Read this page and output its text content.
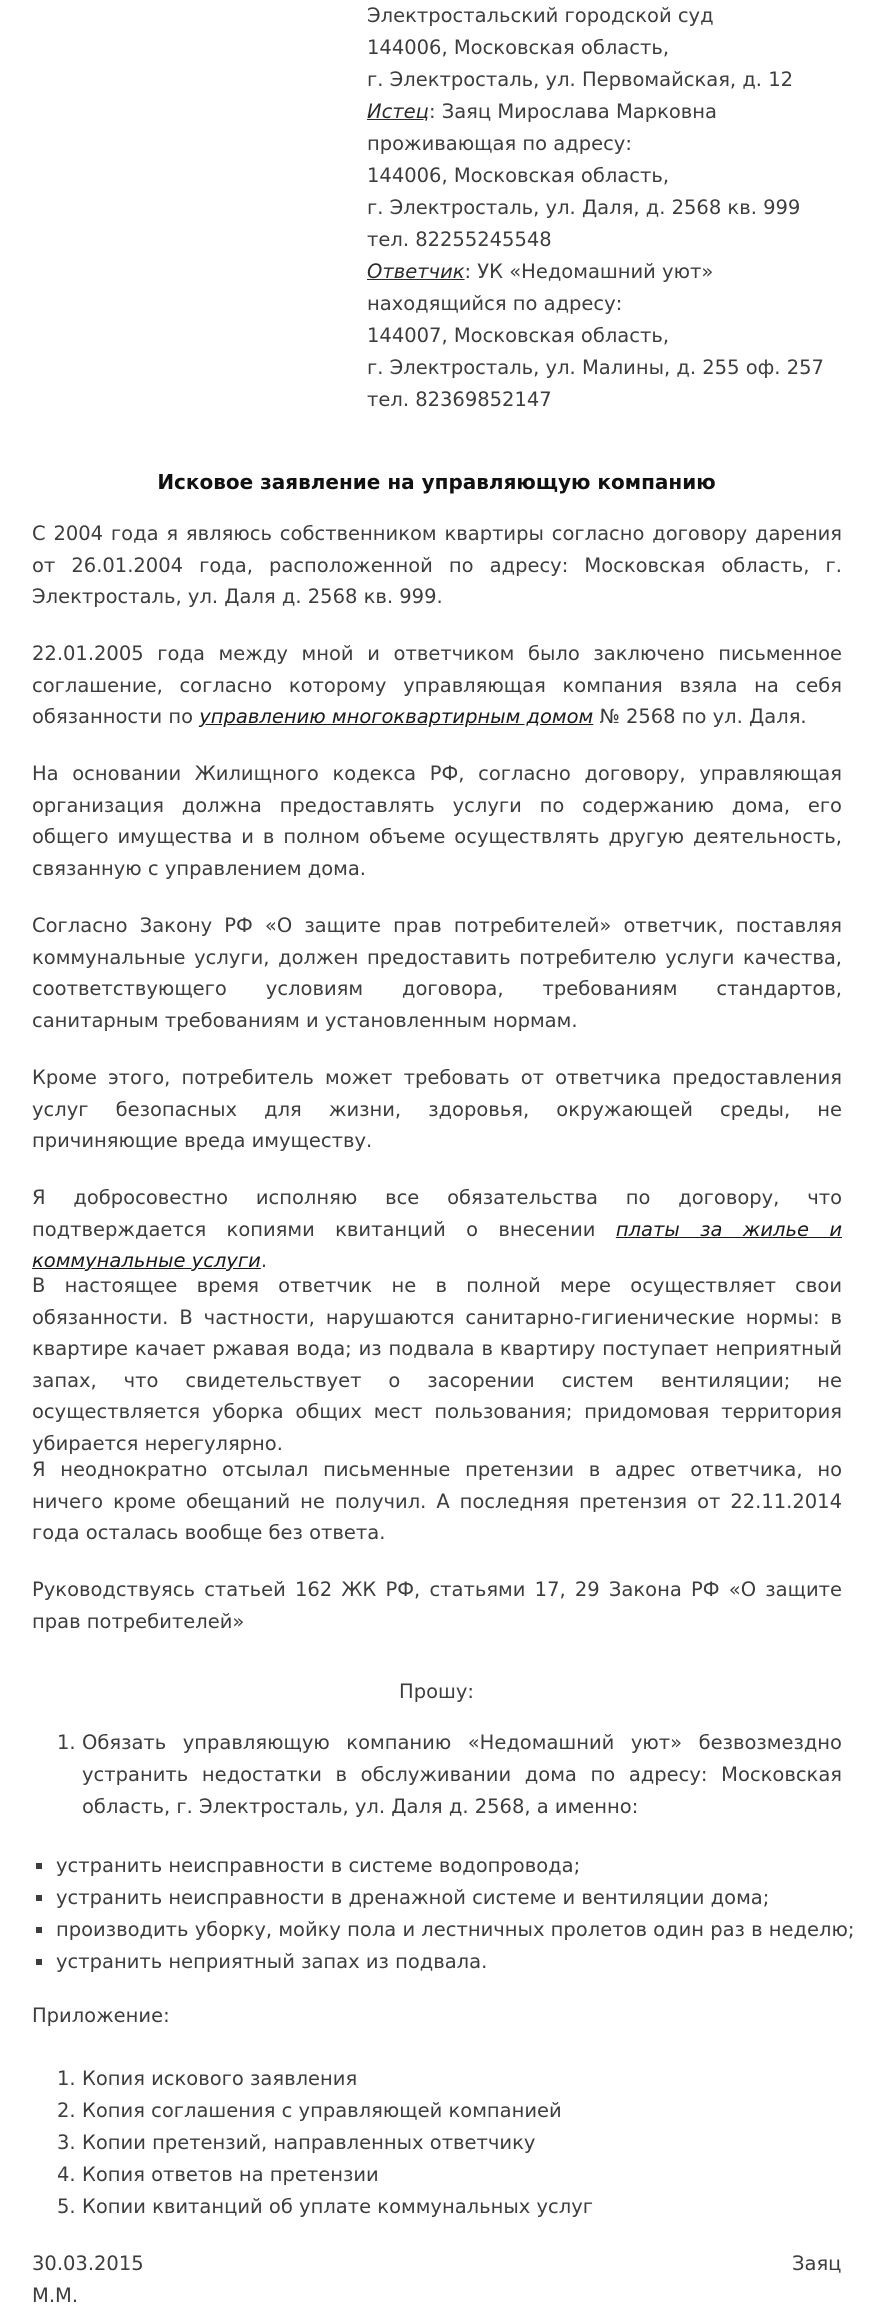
Электростальский городской суд
144006, Московская область,
г. Электросталь, ул. Первомайская, д. 12
Истец: Заяц Мирослава Марковна
проживающая по адресу:
144006, Московская область,
г. Электросталь, ул. Даля, д. 2568 кв. 999
тел. 82255245548
Ответчик: УК «Недомашний уют»
находящийся по адресу:
144007, Московская область,
г. Электросталь, ул. Малины, д. 255 оф. 257
тел. 82369852147
Исковое заявление на управляющую компанию
С 2004 года я являюсь собственником квартиры согласно договору дарения от 26.01.2004 года, расположенной по адресу: Московская область, г. Электросталь, ул. Даля д. 2568 кв. 999.
22.01.2005 года между мной и ответчиком было заключено письменное соглашение, согласно которому управляющая компания взяла на себя обязанности по управлению многоквартирным домом № 2568 по ул. Даля.
На основании Жилищного кодекса РФ, согласно договору, управляющая организация должна предоставлять услуги по содержанию дома, его общего имущества и в полном объеме осуществлять другую деятельность, связанную с управлением дома.
Согласно Закону РФ «О защите прав потребителей» ответчик, поставляя коммунальные услуги, должен предоставить потребителю услуги качества, соответствующего условиям договора, требованиям стандартов, санитарным требованиям и установленным нормам.
Кроме этого, потребитель может требовать от ответчика предоставления услуг безопасных для жизни, здоровья, окружающей среды, не причиняющие вреда имуществу.
Я добросовестно исполняю все обязательства по договору, что подтверждается копиями квитанций о внесении платы за жилье и коммунальные услуги.
В настоящее время ответчик не в полной мере осуществляет свои обязанности. В частности, нарушаются санитарно-гигиенические нормы: в квартире качает ржавая вода; из подвала в квартиру поступает неприятный запах, что свидетельствует о засорении систем вентиляции; не осуществляется уборка общих мест пользования; придомовая территория убирается нерегулярно.
Я неоднократно отсылал письменные претензии в адрес ответчика, но ничего кроме обещаний не получил. А последняя претензия от 22.11.2014 года осталась вообще без ответа.
Руководствуясь статьей 162 ЖК РФ, статьями 17, 29 Закона РФ «О защите прав потребителей»
Прошу:
1. Обязать управляющую компанию «Недомашний уют» безвозмездно устранить недостатки в обслуживании дома по адресу: Московская область, г. Электросталь, ул. Даля д. 2568, а именно:
устранить неисправности в системе водопровода;
устранить неисправности в дренажной системе и вентиляции дома;
производить уборку, мойку пола и лестничных пролетов один раз в неделю;
устранить неприятный запах из подвала.
Приложение:
1. Копия искового заявления
2. Копия соглашения с управляющей компанией
3. Копии претензий, направленных ответчику
4. Копия ответов на претензии
5. Копии квитанций об уплате коммунальных услуг
30.03.2015	Заяц
М.М.
